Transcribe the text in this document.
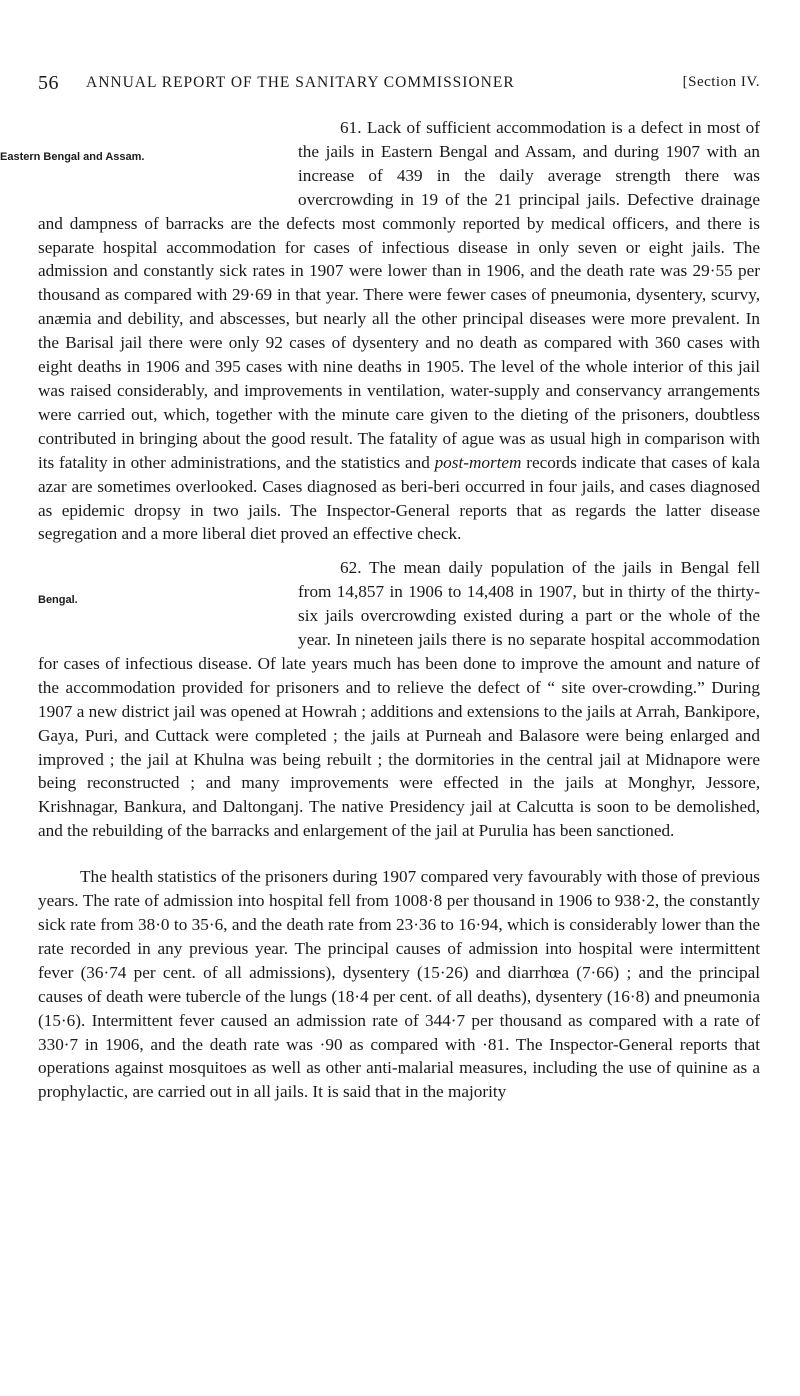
56 ANNUAL REPORT OF THE SANITARY COMMISSIONER	[Section IV.

Eastern Bengal and Assam.
61. Lack of sufficient accommodation is a defect in most of the jails in Eastern Bengal and Assam, and during 1907 with an increase of 439 in the daily average strength there was overcrowding in 19 of the 21 principal jails. Defective drainage and dampness of barracks are the defects most commonly reported by medical officers, and there is separate hospital accommodation for cases of infectious disease in only seven or eight jails. The admission and constantly sick rates in 1907 were lower than in 1906, and the death rate was 29·55 per thousand as compared with 29·69 in that year. There were fewer cases of pneumonia, dysentery, scurvy, anæmia and debility, and abscesses, but nearly all the other principal diseases were more prevalent. In the Barisal jail there were only 92 cases of dysentery and no death as compared with 360 cases with eight deaths in 1906 and 395 cases with nine deaths in 1905. The level of the whole interior of this jail was raised considerably, and improvements in ventilation, water-supply and conservancy arrangements were carried out, which, together with the minute care given to the dieting of the prisoners, doubtless contributed in bringing about the good result. The fatality of ague was as usual high in comparison with its fatality in other administrations, and the statistics and post-mortem records indicate that cases of kala azar are sometimes overlooked. Cases diagnosed as beri-beri occurred in four jails, and cases diagnosed as epidemic dropsy in two jails. The Inspector-General reports that as regards the latter disease segregation and a more liberal diet proved an effective check.

Bengal.
62. The mean daily population of the jails in Bengal fell from 14,857 in 1906 to 14,408 in 1907, but in thirty of the thirty-six jails overcrowding existed during a part or the whole of the year. In nineteen jails there is no separate hospital accommodation for cases of infectious disease. Of late years much has been done to improve the amount and nature of the accommodation provided for prisoners and to relieve the defect of “ site over-crowding.” During 1907 a new district jail was opened at Howrah ; additions and extensions to the jails at Arrah, Bankipore, Gaya, Puri, and Cuttack were completed ; the jails at Purneah and Balasore were being enlarged and improved ; the jail at Khulna was being rebuilt ; the dormitories in the central jail at Midnapore were being reconstructed ; and many improvements were effected in the jails at Monghyr, Jessore, Krishnagar, Bankura, and Daltonganj. The native Presidency jail at Calcutta is soon to be demolished, and the rebuilding of the barracks and enlargement of the jail at Purulia has been sanctioned.

The health statistics of the prisoners during 1907 compared very favourably with those of previous years. The rate of admission into hospital fell from 1008·8 per thousand in 1906 to 938·2, the constantly sick rate from 38·0 to 35·6, and the death rate from 23·36 to 16·94, which is considerably lower than the rate recorded in any previous year. The principal causes of admission into hospital were intermittent fever (36·74 per cent. of all admissions), dysentery (15·26) and diarrhœa (7·66) ; and the principal causes of death were tubercle of the lungs (18·4 per cent. of all deaths), dysentery (16·8) and pneumonia (15·6). Intermittent fever caused an admission rate of 344·7 per thousand as compared with a rate of 330·7 in 1906, and the death rate was ·90 as compared with ·81. The Inspector-General reports that operations against mosquitoes as well as other anti-malarial measures, including the use of quinine as a prophylactic, are carried out in all jails. It is said that in the majority
